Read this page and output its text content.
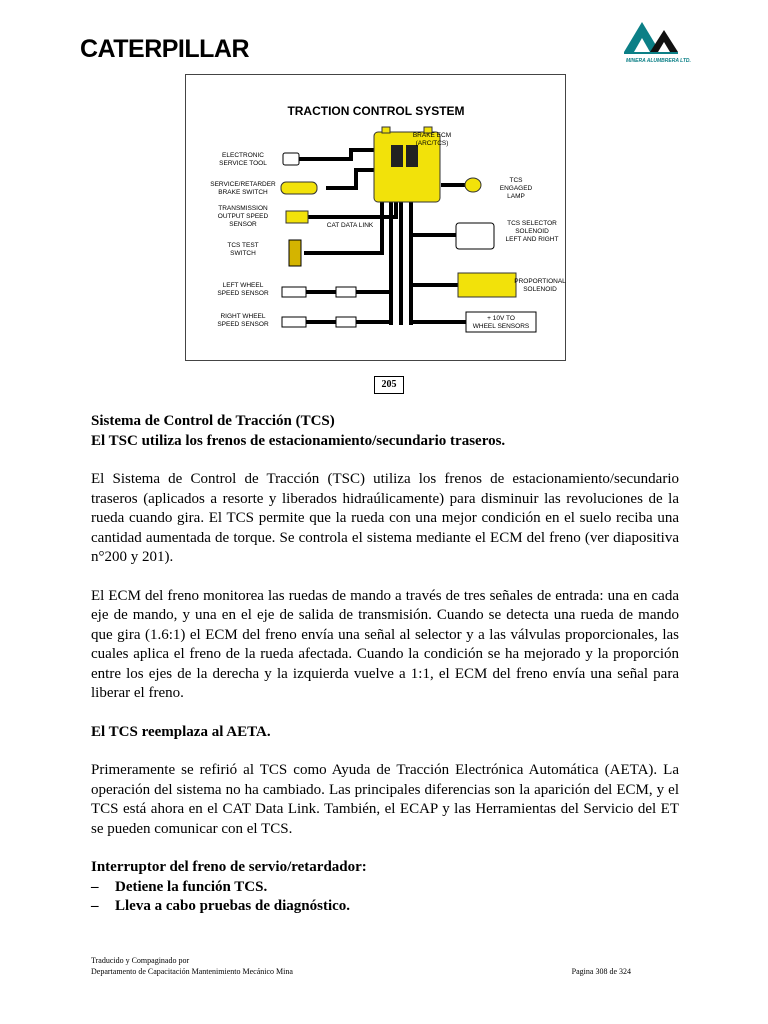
CATERPILLAR	MINERA ALUMBRERA LTD.
TRACTION CONTROL SYSTEM
BRAKE ECM
(ARC/TCS)
ELECTRONIC
SERVICE TOOL
SERVICE/RETARDER
BRAKE SWITCH
TRANSMISSION
OUTPUT SPEED
SENSOR
TCS TEST
SWITCH
LEFT WHEEL
SPEED SENSOR
RIGHT WHEEL
SPEED SENSOR
CAT DATA LINK
TCS
ENGAGED
LAMP
TCS SELECTOR
SOLENOID
LEFT AND RIGHT
PROPORTIONAL
SOLENOID
+ 10V TO
WHEEL SENSORS
205
Sistema de Control de Tracción (TCS)
El TSC utiliza los frenos de estacionamiento/secundario traseros.

El Sistema de Control de Tracción (TSC) utiliza los frenos de estacionamiento/secundario traseros (aplicados a resorte y liberados hidraúlicamente) para disminuir las revoluciones de la rueda cuando gira. El TCS permite que la rueda con una mejor condición en el suelo reciba una cantidad aumentada de torque. Se controla el sistema mediante el ECM del freno (ver diapositiva n°200 y 201).

El ECM del freno monitorea las ruedas de mando a través de tres señales de entrada: una en cada eje de mando, y una en el eje de salida de transmisión. Cuando se detecta una rueda de mando que gira (1.6:1) el ECM del freno envía una señal al selector y a las válvulas proporcionales, las cuales aplica el freno de la rueda afectada. Cuando la condición se ha mejorado y la proporción entre los ejes de la derecha y la izquierda vuelve a 1:1, el ECM del freno envía una señal para liberar el freno.

El TCS reemplaza al AETA.

Primeramente se refirió al TCS como Ayuda de Tracción Electrónica Automática (AETA). La operación del sistema no ha cambiado. Las principales diferencias son la aparición del ECM, y el TCS está ahora en el CAT Data Link. También, el ECAP y las Herramientas del Servicio del ET se pueden comunicar con el TCS.

Interruptor del freno de servio/retardador:
–	Detiene la función TCS.
–	Lleva a cabo pruebas de diagnóstico.
Traducido y Compaginado por
Departamento de Capacitación Mantenimiento Mecánico Mina	Pagina 308 de 324
